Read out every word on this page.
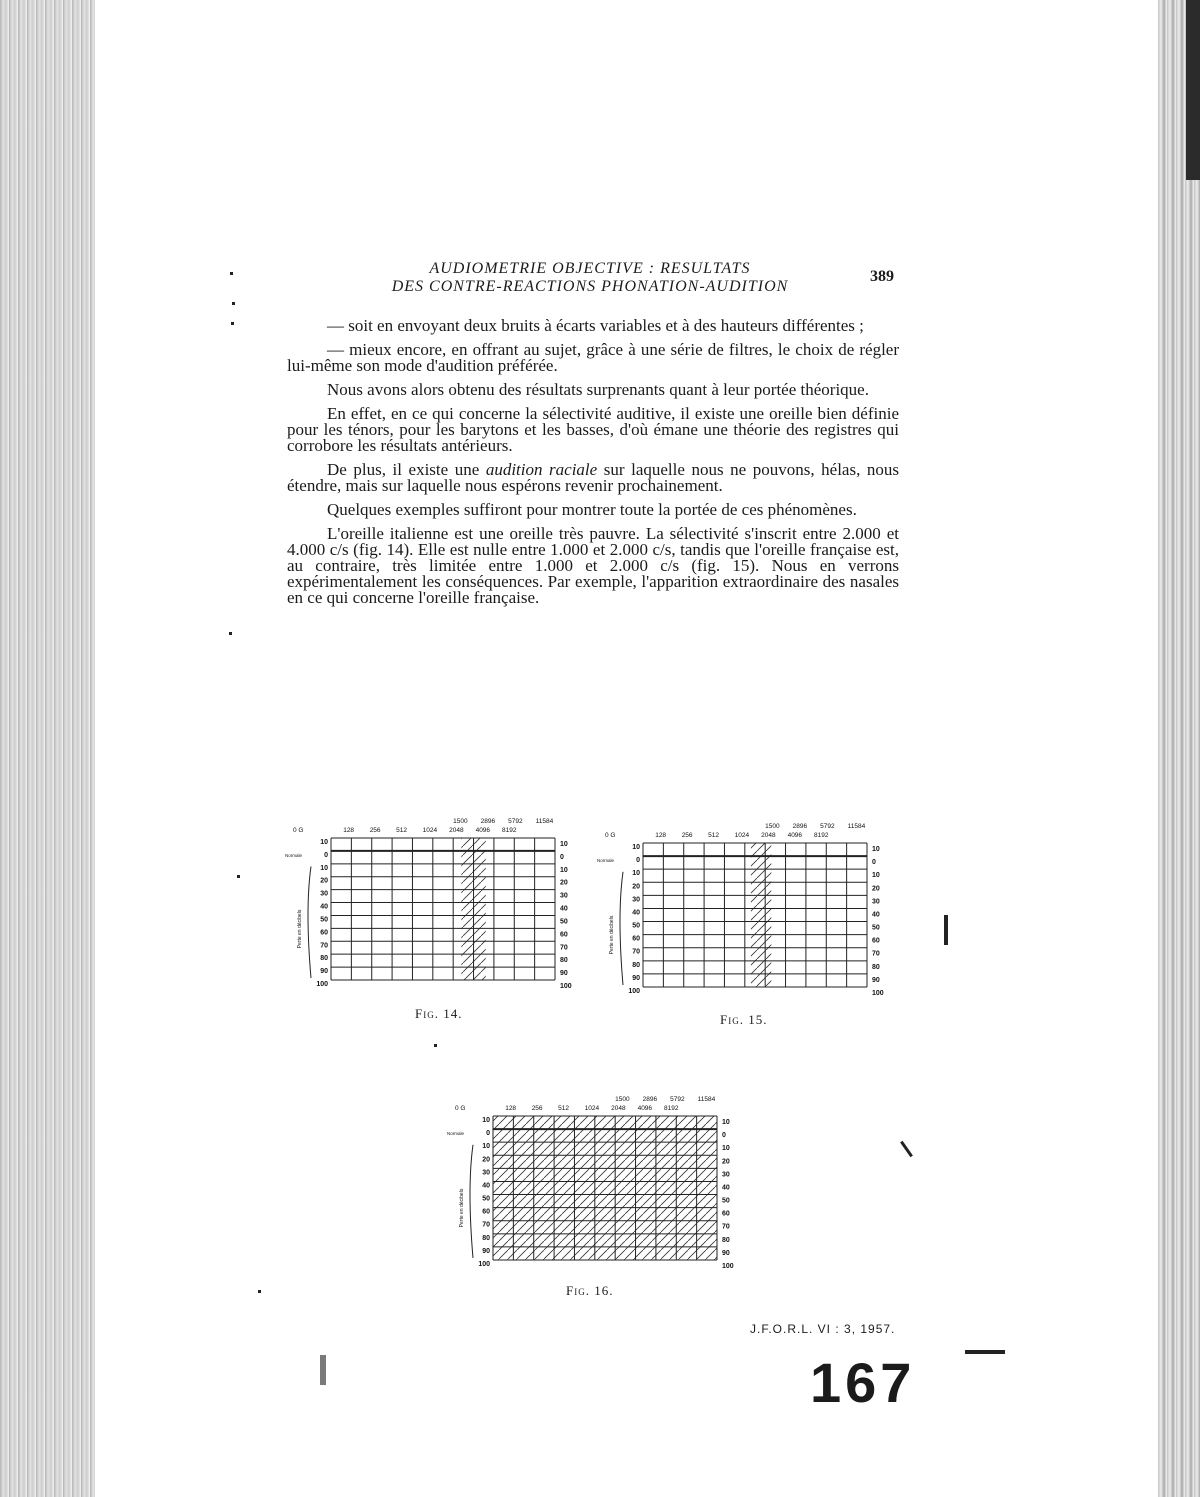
AUDIOMETRIE OBJECTIVE : RESULTATS
DES CONTRE-REACTIONS PHONATION-AUDITION
389

— soit en envoyant deux bruits à écarts variables et à des hauteurs différentes ;

— mieux encore, en offrant au sujet, grâce à une série de filtres, le choix de régler lui-même son mode d'audition préférée.

Nous avons alors obtenu des résultats surprenants quant à leur portée théorique.

En effet, en ce qui concerne la sélectivité auditive, il existe une oreille bien définie pour les ténors, pour les barytons et les basses, d'où émane une théorie des registres qui corrobore les résultats antérieurs.

De plus, il existe une audition raciale sur laquelle nous ne pouvons, hélas, nous étendre, mais sur laquelle nous espérons revenir prochainement.

Quelques exemples suffiront pour montrer toute la portée de ces phénomènes.

L'oreille italienne est une oreille très pauvre. La sélectivité s'inscrit entre 2.000 et 4.000 c/s (fig. 14). Elle est nulle entre 1.000 et 2.000 c/s, tandis que l'oreille française est, au contraire, très limitée entre 1.000 et 2.000 c/s (fig. 15). Nous en verrons expérimentalement les conséquences. Par exemple, l'apparition extraordinaire des nasales en ce qui concerne l'oreille française.

0 G	128 256 512 1024 2048 4096 8192
1500 2896 5792 11584
10
0
10
20
30
40
50
60
70
80
90
100
10
0
10
20
30
40
50
60
70
80
90
100
Normale
Perte en décibels
Fig. 14.
0 G	128 256 512 1024 2048 4096 8192
1500 2896 5792 11584
10
0
10
20
30
40
50
60
70
80
90
100
10
0
10
20
30
40
50
60
70
80
90
100
Normale
Perte en décibels
Fig. 15.
0 G	128 256 512 1024 2048 4096 8192
1500 2896 5792 11584
10
0
10
20
30
40
50
60
70
80
90
100
10
0
10
20
30
40
50
60
70
80
90
100
Normale
Perte en décibels
Fig. 16.
J.F.O.R.L. VI : 3, 1957.
167
